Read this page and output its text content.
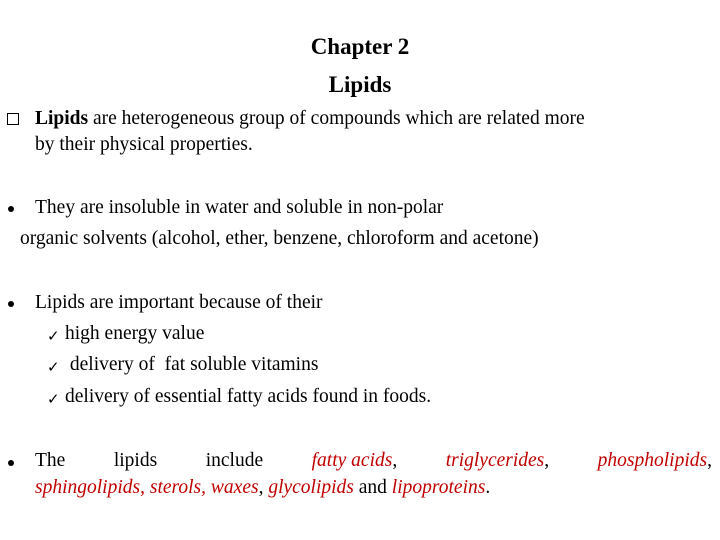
Chapter 2
Lipids
Lipids are heterogeneous group of compounds which are related more
by their physical properties.
They are insoluble in water and soluble in non-polar
organic solvents (alcohol, ether, benzene, chloroform and acetone)
Lipids are important because of their
✓ high energy value
✓ delivery of  fat soluble vitamins
✓ delivery of essential fatty acids found in foods.
The lipids include fatty acids, triglycerides, phospholipids,
sphingolipids, sterols, waxes, glycolipids and lipoproteins.
